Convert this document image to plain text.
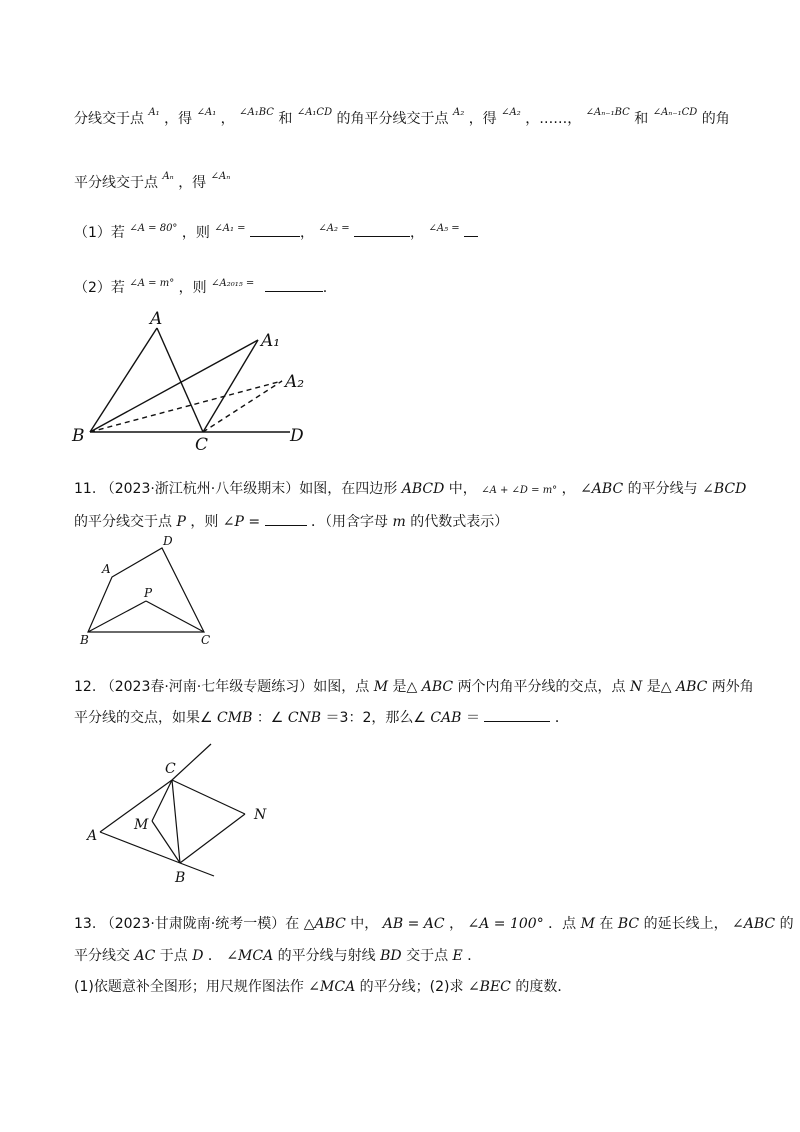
分线交于点 $^{A_1}$ ，得 $^{\angle A_1}$ ， $^{\angle A_1BC}$ 和 $^{\angle A_1CD}$ 的角平分线交于点 $^{A_2}$ ，得 $^{\angle A_2}$ ，……， $^{\angle A_{n-1}BC}$ 和 $^{\angle A_{n-1}CD}$ 的角
平分线交于点 $^{A_n}$ ，得 $^{\angle A_n}$
（1）若 $^{\angle A = 80^\circ}$ ，则 $^{\angle A_1 =}$	， $^{\angle A_2 =}$	， $^{\angle A_5 =}$
（2）若 $^{\angle A = m^\circ}$ ，则 $^{\angle A_{2015} =}$	.
A
A₁
A₂
B	C	D
11. （2023·浙江杭州·八年级期末）如图，在四边形 ABCD 中， ∠A + ∠D = m° ， ∠ABC 的平分线与 ∠BCD
的平分线交于点 P ，则 ∠P =	．（用含字母 m 的代数式表示）
D
A
P
B	C
12. （2023春·河南·七年级专题练习）如图，点 M 是△ ABC 两个内角平分线的交点，点 N 是△ ABC 两外角
平分线的交点，如果∠ CMB ：∠ CNB ＝3：2，那么∠ CAB ＝	．
C
M
A
N
B
13. （2023·甘肃陇南·统考一模）在 △ABC 中， AB = AC ， ∠A = 100° ．点 M 在 BC 的延长线上， ∠ABC 的
平分线交 AC 于点 D ． ∠MCA 的平分线与射线 BD 交于点 E ．
(1)依题意补全图形；用尺规作图法作 ∠MCA 的平分线；(2)求 ∠BEC 的度数．
